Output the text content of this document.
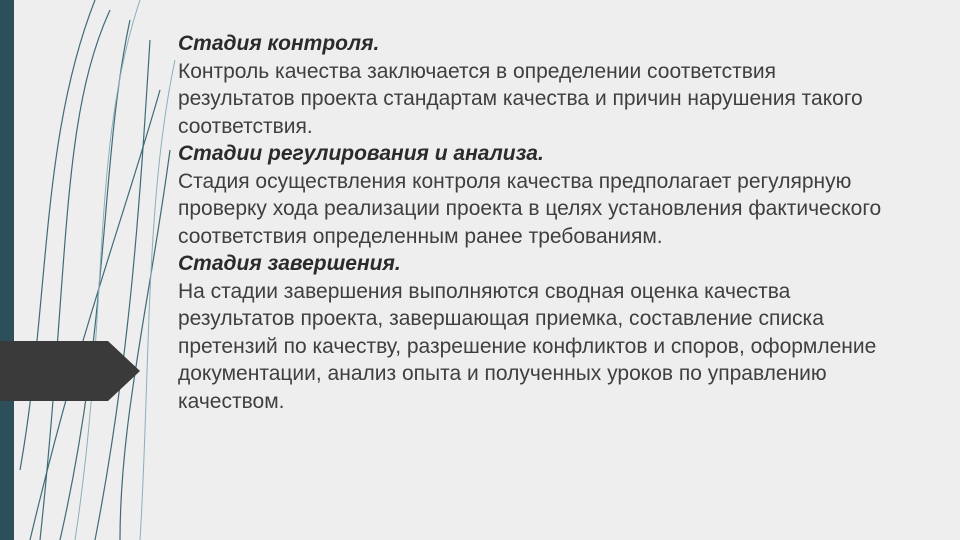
Стадия контроля.
Контроль качества заключается в определении соответствия результатов проекта стандартам качества и причин нарушения такого соответствия.

Стадии регулирования и анализа.
Стадия осуществления контроля качества предполагает регулярную проверку хода реализации проекта в целях установления фактического соответствия определенным ранее требованиям.

Стадия завершения.
На стадии завершения выполняются сводная оценка качества результатов проекта, завершающая приемка, составление списка претензий по качеству, разрешение конфликтов и споров, оформление документации, анализ опыта и полученных уроков по управлению качеством.
